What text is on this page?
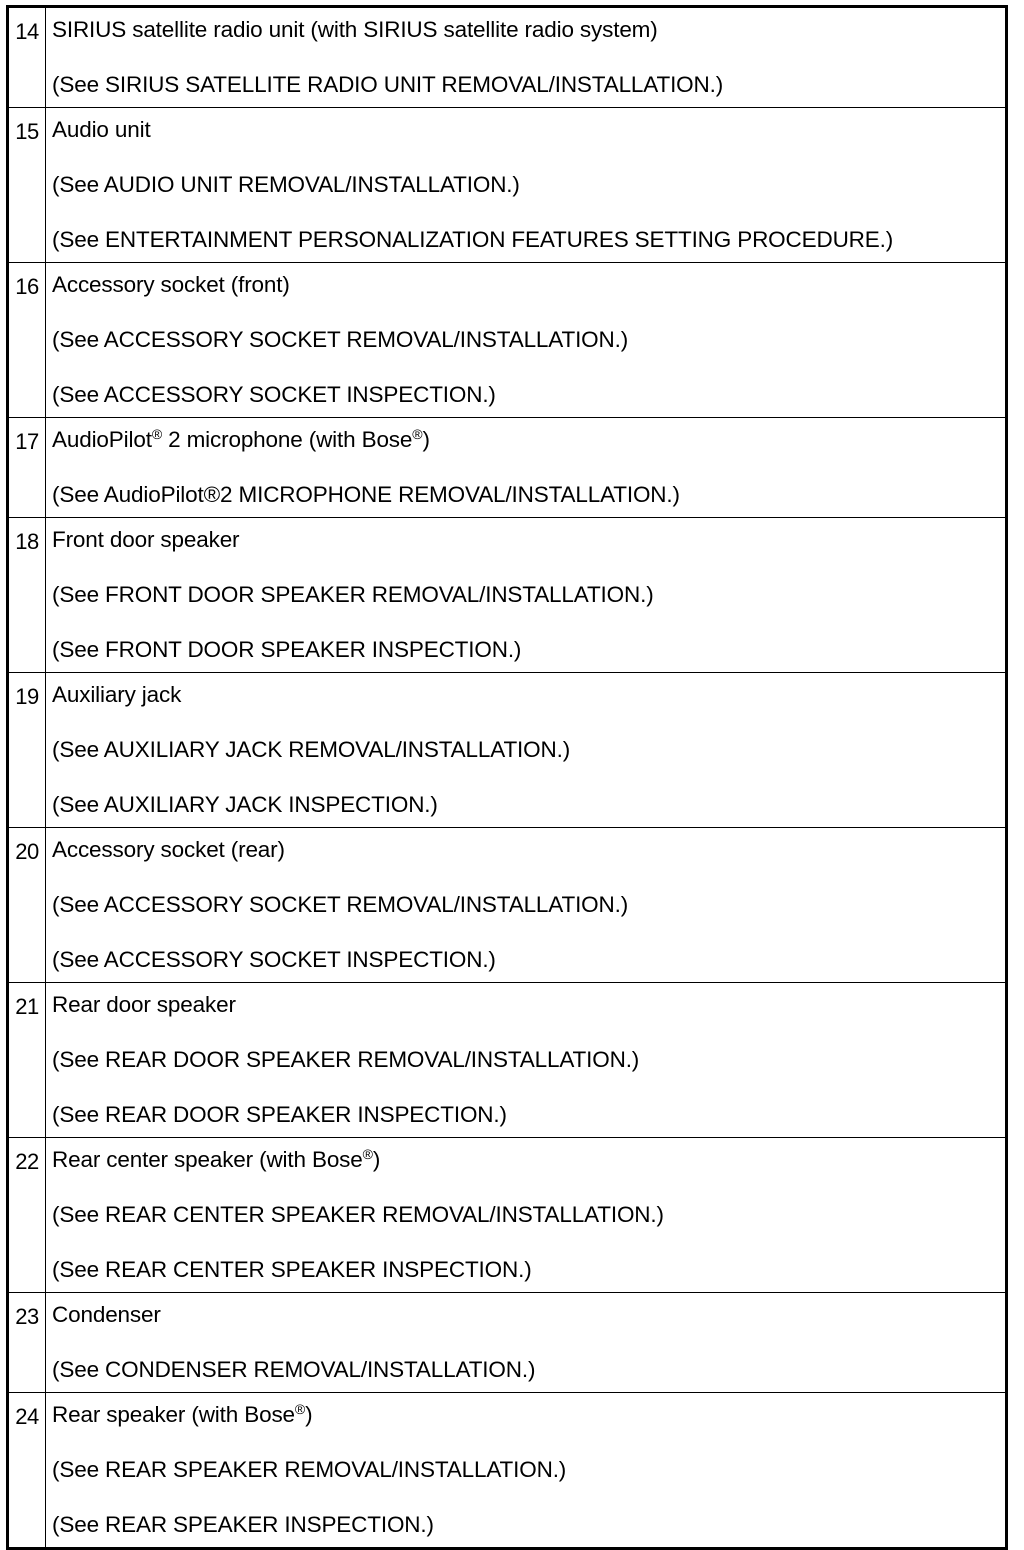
14	SIRIUS satellite radio unit (with SIRIUS satellite radio system)
(See SIRIUS SATELLITE RADIO UNIT REMOVAL/INSTALLATION.)

15	Audio unit
(See AUDIO UNIT REMOVAL/INSTALLATION.)
(See ENTERTAINMENT PERSONALIZATION FEATURES SETTING PROCEDURE.)

16	Accessory socket (front)
(See ACCESSORY SOCKET REMOVAL/INSTALLATION.)
(See ACCESSORY SOCKET INSPECTION.)

17	AudioPilot® 2 microphone (with Bose®)
(See AudioPilot®2 MICROPHONE REMOVAL/INSTALLATION.)

18	Front door speaker
(See FRONT DOOR SPEAKER REMOVAL/INSTALLATION.)
(See FRONT DOOR SPEAKER INSPECTION.)

19	Auxiliary jack
(See AUXILIARY JACK REMOVAL/INSTALLATION.)
(See AUXILIARY JACK INSPECTION.)

20	Accessory socket (rear)
(See ACCESSORY SOCKET REMOVAL/INSTALLATION.)
(See ACCESSORY SOCKET INSPECTION.)

21	Rear door speaker
(See REAR DOOR SPEAKER REMOVAL/INSTALLATION.)
(See REAR DOOR SPEAKER INSPECTION.)

22	Rear center speaker (with Bose®)
(See REAR CENTER SPEAKER REMOVAL/INSTALLATION.)
(See REAR CENTER SPEAKER INSPECTION.)

23	Condenser
(See CONDENSER REMOVAL/INSTALLATION.)

24	Rear speaker (with Bose®)
(See REAR SPEAKER REMOVAL/INSTALLATION.)
(See REAR SPEAKER INSPECTION.)
